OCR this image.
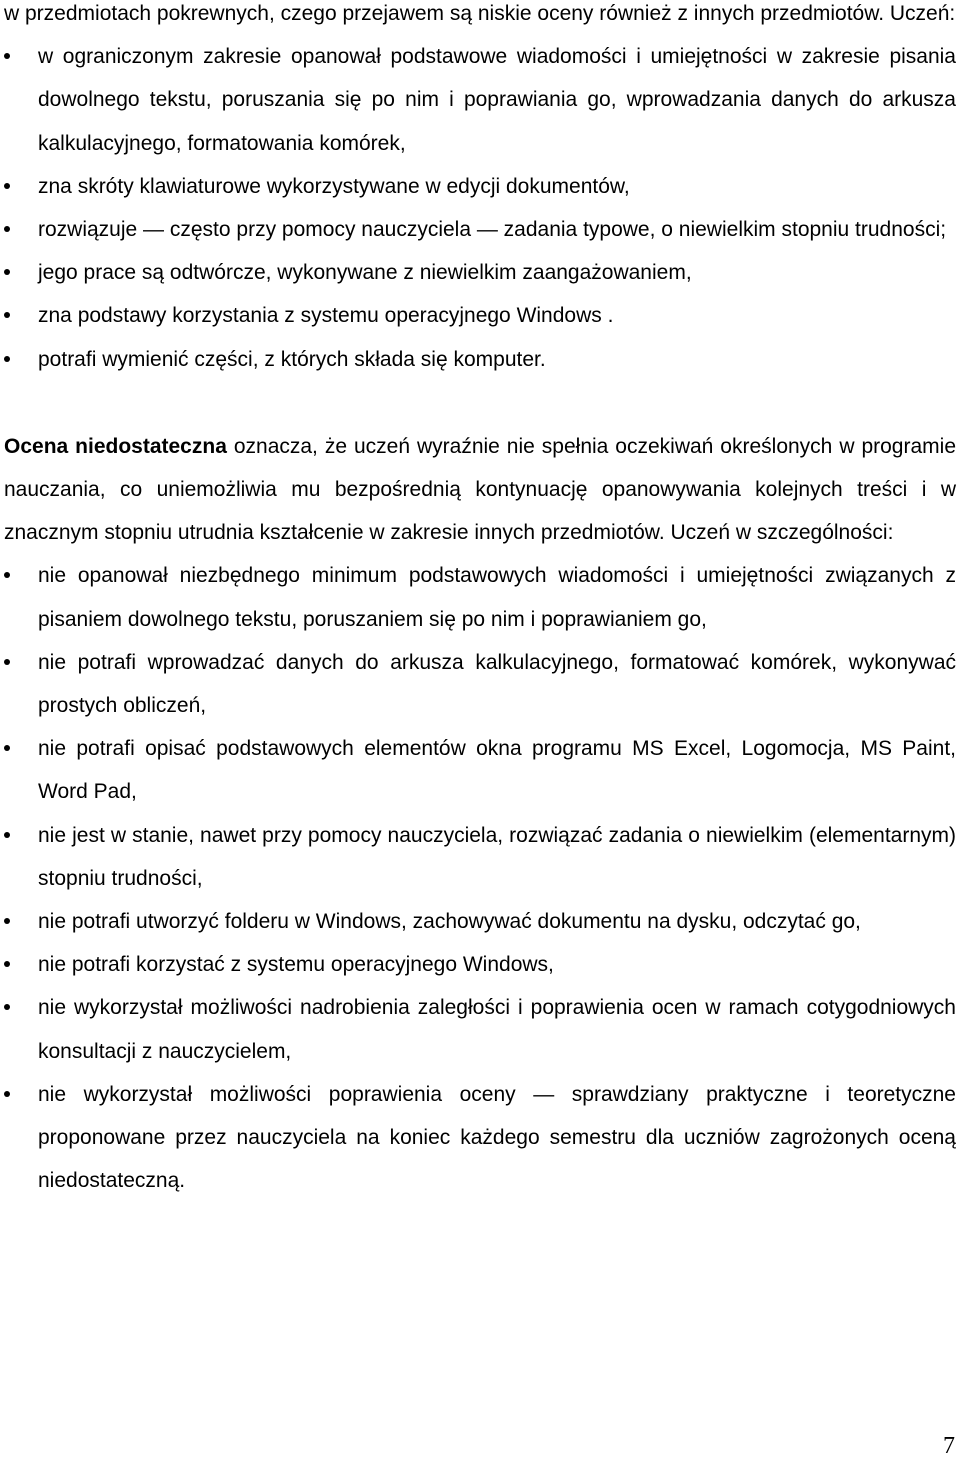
w przedmiotach pokrewnych, czego przejawem są niskie oceny również z innych przedmiotów. Uczeń:

w ograniczonym zakresie opanował podstawowe wiadomości i umiejętności w zakresie pisania dowolnego tekstu, poruszania się po nim i poprawiania go, wprowadzania danych do arkusza kalkulacyjnego, formatowania komórek,
zna skróty klawiaturowe wykorzystywane w edycji dokumentów,
rozwiązuje — często przy pomocy nauczyciela — zadania typowe, o niewielkim stopniu trudności;
jego prace są odtwórcze, wykonywane z niewielkim zaangażowaniem,
zna podstawy korzystania z systemu operacyjnego Windows .
potrafi wymienić części, z których składa się komputer.

Ocena niedostateczna oznacza, że uczeń wyraźnie nie spełnia oczekiwań określonych w programie nauczania, co uniemożliwia mu bezpośrednią kontynuację opanowywania kolejnych treści i w znacznym stopniu utrudnia kształcenie w zakresie innych przedmiotów. Uczeń w szczególności:

nie opanował niezbędnego minimum podstawowych wiadomości i umiejętności związanych z pisaniem dowolnego tekstu, poruszaniem się po nim i poprawianiem go,
nie potrafi wprowadzać danych do arkusza kalkulacyjnego, formatować komórek, wykonywać prostych obliczeń,
nie potrafi opisać podstawowych elementów okna programu MS Excel, Logomocja, MS Paint, Word Pad,
nie jest w stanie, nawet przy pomocy nauczyciela, rozwiązać zadania o niewielkim (elementarnym) stopniu trudności,
nie potrafi utworzyć folderu w Windows, zachowywać dokumentu na dysku, odczytać go,
nie potrafi korzystać z systemu operacyjnego Windows,
nie wykorzystał możliwości nadrobienia zaległości i poprawienia ocen w ramach cotygodniowych konsultacji z nauczycielem,
nie wykorzystał możliwości poprawienia oceny — sprawdziany praktyczne i teoretyczne proponowane przez nauczyciela na koniec każdego semestru dla uczniów zagrożonych oceną niedostateczną.
7
